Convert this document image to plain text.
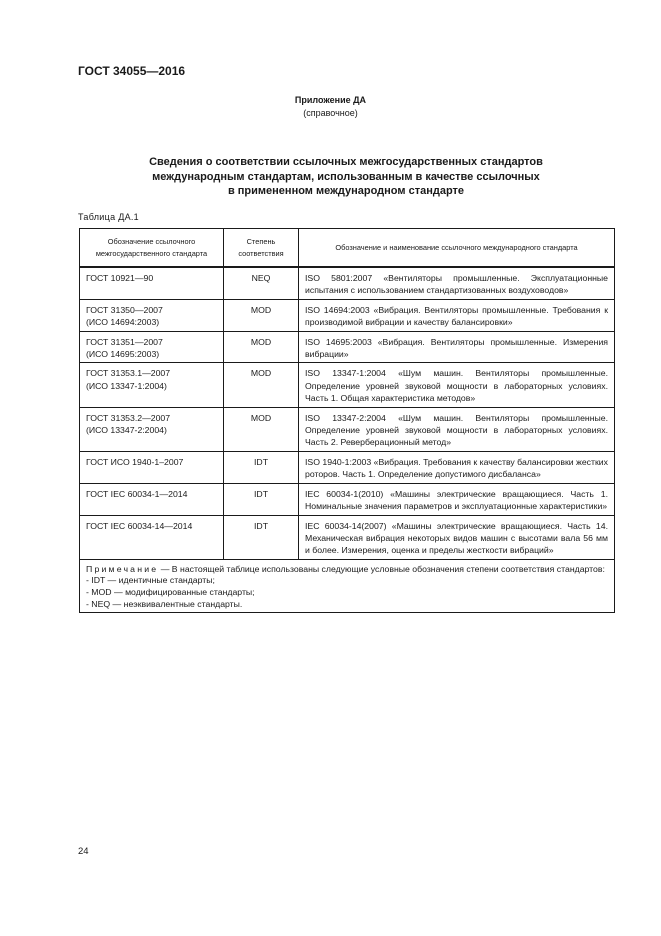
ГОСТ 34055—2016
Приложение ДА
(справочное)
Сведения о соответствии ссылочных межгосударственных стандартов
международным стандартам, использованным в качестве ссылочных
в примененном международном стандарте
Таблица ДА.1
Обозначение ссылочного межгосударственного стандарта	Степень соответствия	Обозначение и наименование ссылочного международного стандарта

ГОСТ 10921—90	NEQ	ISO 5801:2007 «Вентиляторы промышленные. Эксплуатационные испытания с использованием стандартизованных воздуховодов»

ГОСТ 31350—2007
(ИСО 14694:2003)	MOD	ISO 14694:2003 «Вибрация. Вентиляторы промышленные. Требования к производимой вибрации и качеству балансировки»

ГОСТ 31351—2007
(ИСО 14695:2003)	MOD	ISO 14695:2003 «Вибрация. Вентиляторы промышленные. Измерения вибрации»

ГОСТ 31353.1—2007
(ИСО 13347-1:2004)	MOD	ISO 13347-1:2004 «Шум машин. Вентиляторы промышленные. Определение уровней звуковой мощности в лабораторных условиях. Часть 1. Общая характеристика методов»

ГОСТ 31353.2—2007
(ИСО 13347-2:2004)	MOD	ISO 13347-2:2004 «Шум машин. Вентиляторы промышленные. Определение уровней звуковой мощности в лабораторных условиях. Часть 2. Реверберационный метод»

ГОСТ ИСО 1940-1–2007	IDT	ISO 1940-1:2003 «Вибрация. Требования к качеству балансировки жестких роторов. Часть 1. Определение допустимого дисбаланса»

ГОСТ IEC 60034-1—2014	IDT	IEC 60034-1(2010) «Машины электрические вращающиеся. Часть 1. Номинальные значения параметров и эксплуатационные характеристики»

ГОСТ IEC 60034-14—2014	IDT	IEC 60034-14(2007) «Машины электрические вращающиеся. Часть 14. Механическая вибрация некоторых видов машин с высотами вала 56 мм и более. Измерения, оценка и пределы жесткости вибраций»
Примечание — В настоящей таблице использованы следующие условные обозначения степени соответствия стандартов:
- IDT — идентичные стандарты;
- MOD — модифицированные стандарты;
- NEQ — неэквивалентные стандарты.		
24
